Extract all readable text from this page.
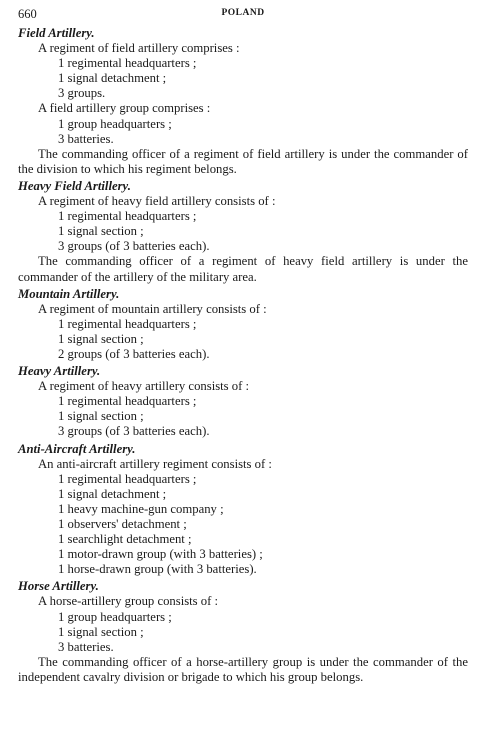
660	POLAND
Field Artillery.
A regiment of field artillery comprises :
1 regimental headquarters ;
1 signal detachment ;
3 groups.
A field artillery group comprises :
1 group headquarters ;
3 batteries.
The commanding officer of a regiment of field artillery is under the commander of the division to which his regiment belongs.
Heavy Field Artillery.
A regiment of heavy field artillery consists of :
1 regimental headquarters ;
1 signal section ;
3 groups (of 3 batteries each).
The commanding officer of a regiment of heavy field artillery is under the commander of the artillery of the military area.
Mountain Artillery.
A regiment of mountain artillery consists of :
1 regimental headquarters ;
1 signal section ;
2 groups (of 3 batteries each).
Heavy Artillery.
A regiment of heavy artillery consists of :
1 regimental headquarters ;
1 signal section ;
3 groups (of 3 batteries each).
Anti-Aircraft Artillery.
An anti-aircraft artillery regiment consists of :
1 regimental headquarters ;
1 signal detachment ;
1 heavy machine-gun company ;
1 observers' detachment ;
1 searchlight detachment ;
1 motor-drawn group (with 3 batteries) ;
1 horse-drawn group (with 3 batteries).
Horse Artillery.
A horse-artillery group consists of :
1 group headquarters ;
1 signal section ;
3 batteries.
The commanding officer of a horse-artillery group is under the commander of the independent cavalry division or brigade to which his group belongs.
